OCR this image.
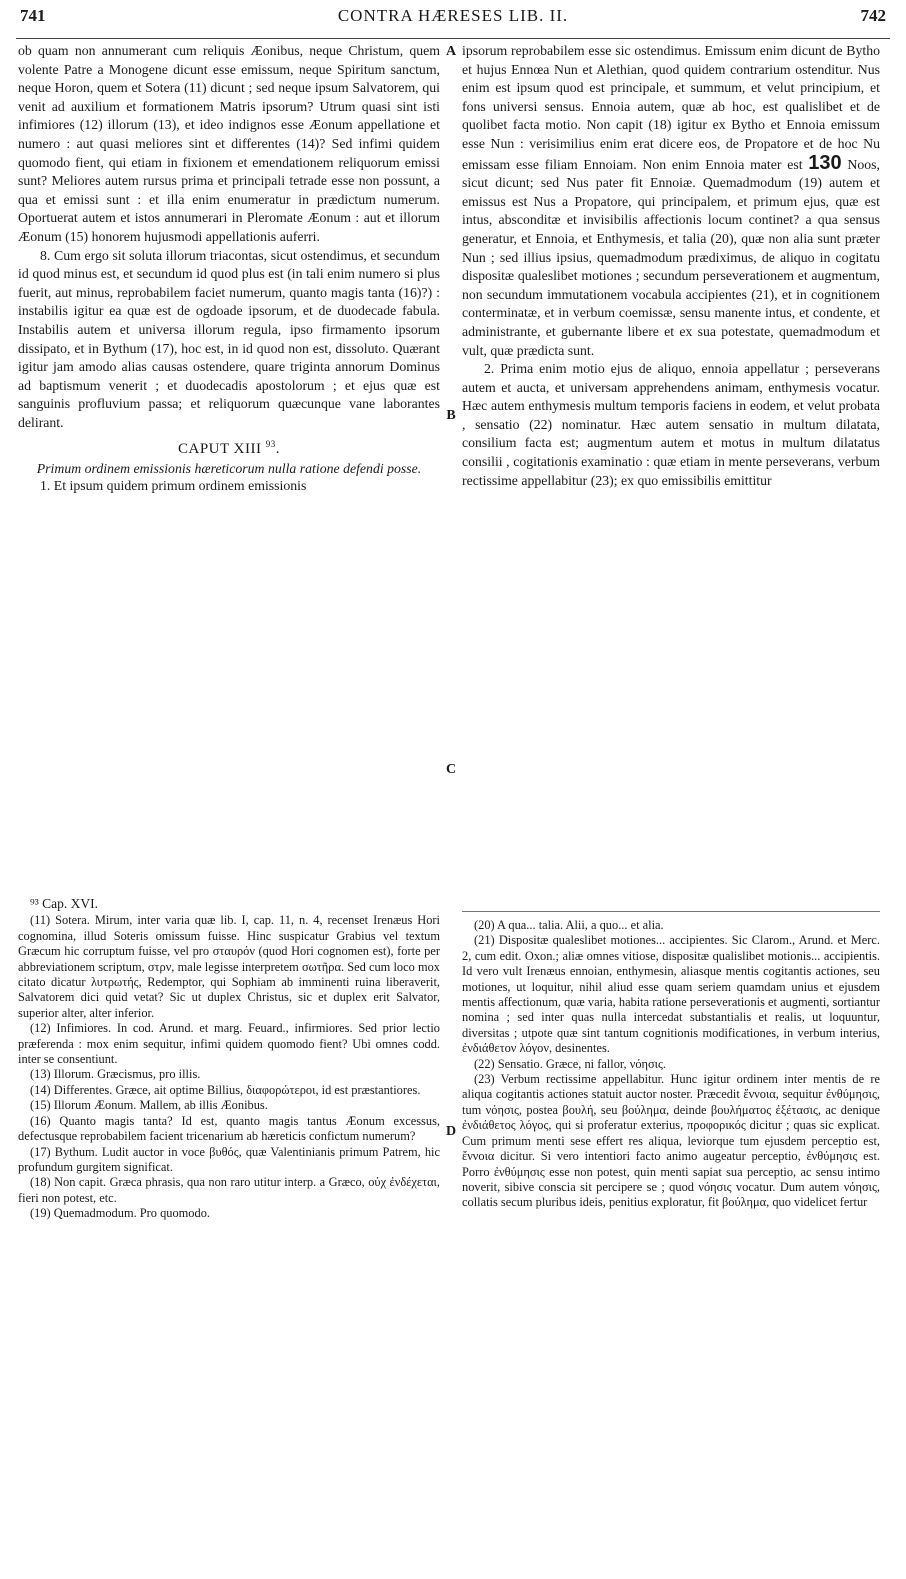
741	CONTRA HÆRESES LIB. II.	742
A
B
C
D

ob quam non annumerant cum reliquis Æonibus, neque Christum, quem volente Patre a Monogene dicunt esse emissum, neque Spiritum sanctum, neque Horon, quem et Sotera (11) dicunt ; sed neque ipsum Salvatorem, qui venit ad auxilium et formationem Matris ipsorum? Utrum quasi sint isti infimiores (12) illorum (13), et ideo indignos esse Æonum appellatione et numero : aut quasi meliores sint et differentes (14)? Sed infimi quidem quomodo fient, qui etiam in fixionem et emendationem reliquorum emissi sunt? Meliores autem rursus prima et principali tetrade esse non possunt, a qua et emissi sunt : et illa enim enumeratur in prædictum numerum. Oportuerat autem et istos annumerari in Pleromate Æonum : aut et illorum Æonum (15) honorem hujusmodi appellationis auferri.

8. Cum ergo sit soluta illorum triacontas, sicut ostendimus, et secundum id quod minus est, et secundum id quod plus est (in tali enim numero si plus fuerit, aut minus, reprobabilem faciet numerum, quanto magis tanta (16)?) : instabilis igitur ea quæ est de ogdoade ipsorum, et de duodecade fabula. Instabilis autem et universa illorum regula, ipso firmamento ipsorum dissipato, et in Bythum (17), hoc est, in id quod non est, dissoluto. Quærant igitur jam amodo alias causas ostendere, quare triginta annorum Dominus ad baptismum venerit ; et duodecadis apostolorum ; et ejus quæ est sanguinis profluvium passa; et reliquorum quæcunque vane laborantes delirant.

CAPUT XIII $^{93}$.

Primum ordinem emissionis hæreticorum nulla ratione defendi posse.

1. Et ipsum quidem primum ordinem emissionis

ipsorum reprobabilem esse sic ostendimus. Emissum enim dicunt de Bytho et hujus Ennœa Nun et Alethian, quod quidem contrarium ostenditur. Nus enim est ipsum quod est principale, et summum, et velut principium, et fons universi sensus. Ennoia autem, quæ ab hoc, est qualislibet et de quolibet facta motio. Non capit (18) igitur ex Bytho et Ennoia emissum esse Nun : verisimilius enim erat dicere eos, de Propatore et de hoc Nu emissam esse filiam Ennoiam. Non enim Ennoia mater est 130 Noos, sicut dicunt; sed Nus pater fit Ennoiæ. Quemadmodum (19) autem et emissus est Nus a Propatore, qui principalem, et primum ejus, quæ est intus, absconditæ et invisibilis affectionis locum continet? a qua sensus generatur, et Ennoia, et Enthymesis, et talia (20), quæ non alia sunt præter Nun ; sed illius ipsius, quemadmodum prædiximus, de aliquo in cogitatu dispositæ qualeslibet motiones ; secundum perseverationem et augmentum, non secundum immutationem vocabula accipientes (21), et in cognitionem conterminatæ, et in verbum coemissæ, sensu manente intus, et condente, et administrante, et gubernante libere et ex sua potestate, quemadmodum et vult, quæ prædicta sunt.

2. Prima enim motio ejus de aliquo, ennoia appellatur ; perseverans autem et aucta, et universam apprehendens animam, enthymesis vocatur. Hæc autem enthymesis multum temporis faciens in eodem, et velut probata , sensatio (22) nominatur. Hæc autem sensatio in multum dilatata, consilium facta est; augmentum autem et motus in multum dilatatus consilii , cogitationis examinatio : quæ etiam in mente perseverans, verbum rectissime appellabitur (23); ex quo emissibilis emittitur

⁹³ Cap. XVI.

(11) Sotera. Mirum, inter varia quæ lib. I, cap. 11, n. 4, recenset Irenæus Hori cognomina, illud Soteris omissum fuisse. Hinc suspicatur Grabius vel textum Græcum hic corruptum fuisse, vel pro σταυρόν (quod Hori cognomen est), forte per abbreviationem scriptum, στρν, male legisse interpretem σωτῆρα. Sed cum loco mox citato dicatur λυτρωτής, Redemptor, qui Sophiam ab imminenti ruina liberaverit, Salvatorem dici quid vetat? Sic ut duplex Christus, sic et duplex erit Salvator, superior alter, alter inferior.

(12) Infimiores. In cod. Arund. et marg. Feuard., infirmiores. Sed prior lectio præferenda : mox enim sequitur, infimi quidem quomodo fient? Ubi omnes codd. inter se consentiunt.

(13) Illorum. Græcismus, pro illis.

(14) Differentes. Græce, ait optime Billius, διαφορώτεροι, id est præstantiores.

(15) Illorum Æonum. Mallem, ab illis Æonibus.

(16) Quanto magis tanta? Id est, quanto magis tantus Æonum excessus, defectusque reprobabilem facient tricenarium ab hæreticis confictum numerum?

(17) Bythum. Ludit auctor in voce βυθός, quæ Valentinianis primum Patrem, hic profundum gurgitem significat.

(18) Non capit. Græca phrasis, qua non raro utitur interp. a Græco, οὐχ ἐνδέχεται, fieri non potest, etc.

(19) Quemadmodum. Pro quomodo.

(20) A qua... talia. Alii, a quo... et alia.

(21) Dispositæ qualeslibet motiones... accipientes. Sic Clarom., Arund. et Merc. 2, cum edit. Oxon.; aliæ omnes vitiose, dispositæ qualislibet motionis... accipientis. Id vero vult Irenæus ennoian, enthymesin, aliasque mentis cogitantis actiones, seu motiones, ut loquitur, nihil aliud esse quam seriem quamdam unius et ejusdem mentis affectionum, quæ varia, habita ratione perseverationis et augmenti, sortiantur nomina ; sed inter quas nulla intercedat substantialis et realis, ut loquuntur, diversitas ; utpote quæ sint tantum cognitionis modificationes, in verbum interius, ἐνδιάθετον λόγον, desinentes.

(22) Sensatio. Græce, ni fallor, νόησις.

(23) Verbum rectissime appellabitur. Hunc igitur ordinem inter mentis de re aliqua cogitantis actiones statuit auctor noster. Præcedit ἔννοια, sequitur ἐνθύμησις, tum νόησις, postea βουλή, seu βούλημα, deinde βουλήματος ἐξέτασις, ac denique ἐνδιάθετος λόγος, qui si proferatur exterius, προφορικός dicitur ; quas sic explicat. Cum primum menti sese effert res aliqua, leviorque tum ejusdem perceptio est, ἔννοια dicitur. Si vero intentiori facto animo augeatur perceptio, ἐνθύμησις est. Porro ἐνθύμησις esse non potest, quin menti sapiat sua perceptio, ac sensu intimo noverit, sibive conscia sit percipere se ; quod νόησις vocatur. Dum autem νόησις, collatis secum pluribus ideis, penitius exploratur, fit βούλημα, quo videlicet fertur
